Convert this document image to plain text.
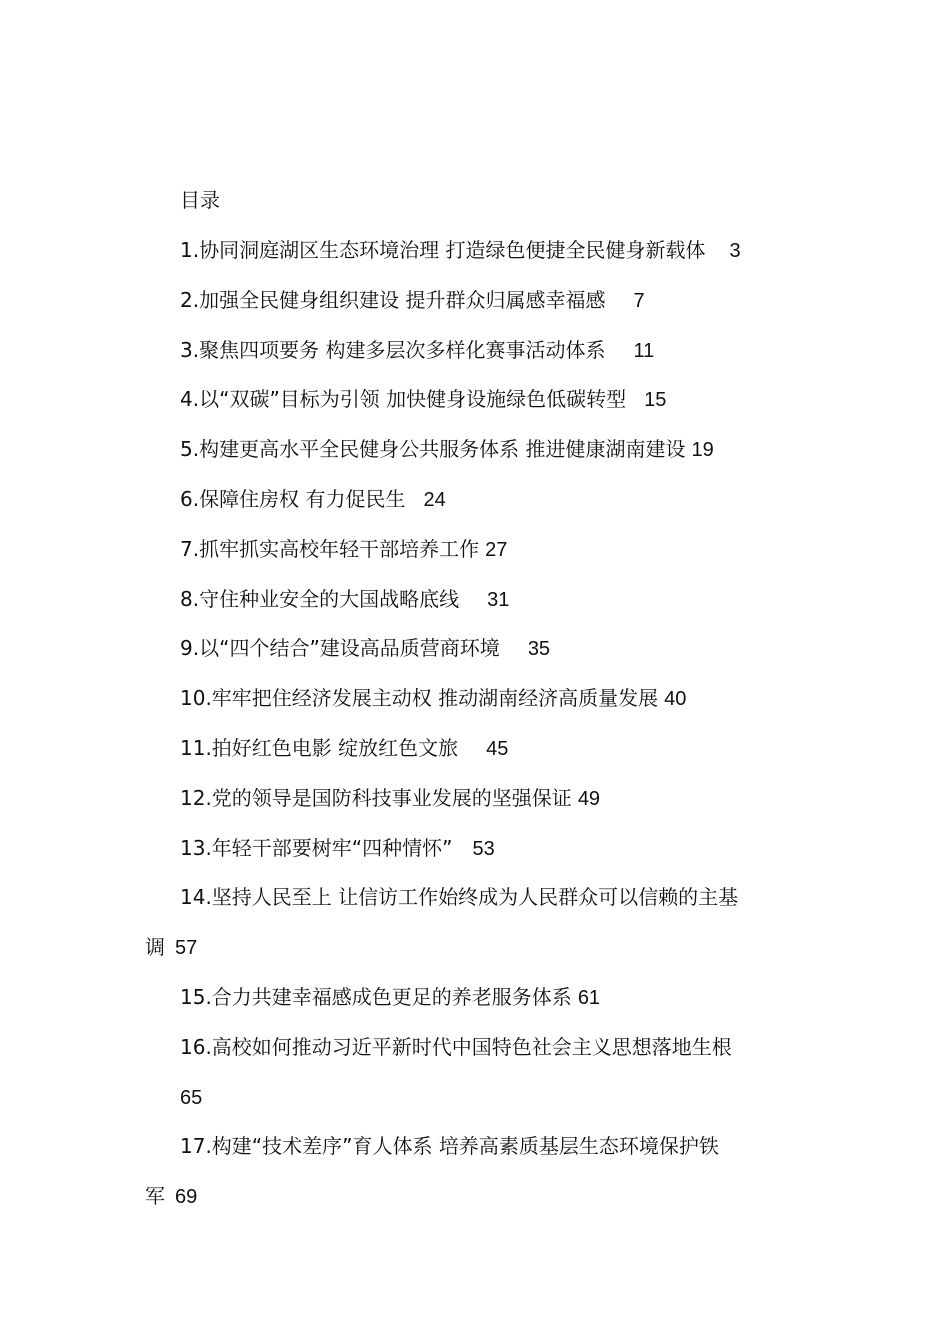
目录
1.协同洞庭湖区生态环境治理 打造绿色便捷全民健身新载体 3
2.加强全民健身组织建设 提升群众归属感幸福感 7
3.聚焦四项要务 构建多层次多样化赛事活动体系 11
4.以“双碳”目标为引领 加快健身设施绿色低碳转型 15
5.构建更高水平全民健身公共服务体系 推进健康湖南建设 19
6.保障住房权 有力促民生 24
7.抓牢抓实高校年轻干部培养工作 27
8.守住种业安全的大国战略底线 31
9.以“四个结合”建设高品质营商环境 35
10.牢牢把住经济发展主动权 推动湖南经济高质量发展 40
11.拍好红色电影 绽放红色文旅 45
12.党的领导是国防科技事业发展的坚强保证 49
13.年轻干部要树牢“四种情怀” 53
14.坚持人民至上 让信访工作始终成为人民群众可以信赖的主基
调 57
15.合力共建幸福感成色更足的养老服务体系 61
16.高校如何推动习近平新时代中国特色社会主义思想落地生根
65
17.构建“技术差序”育人体系 培养高素质基层生态环境保护铁
军 69
